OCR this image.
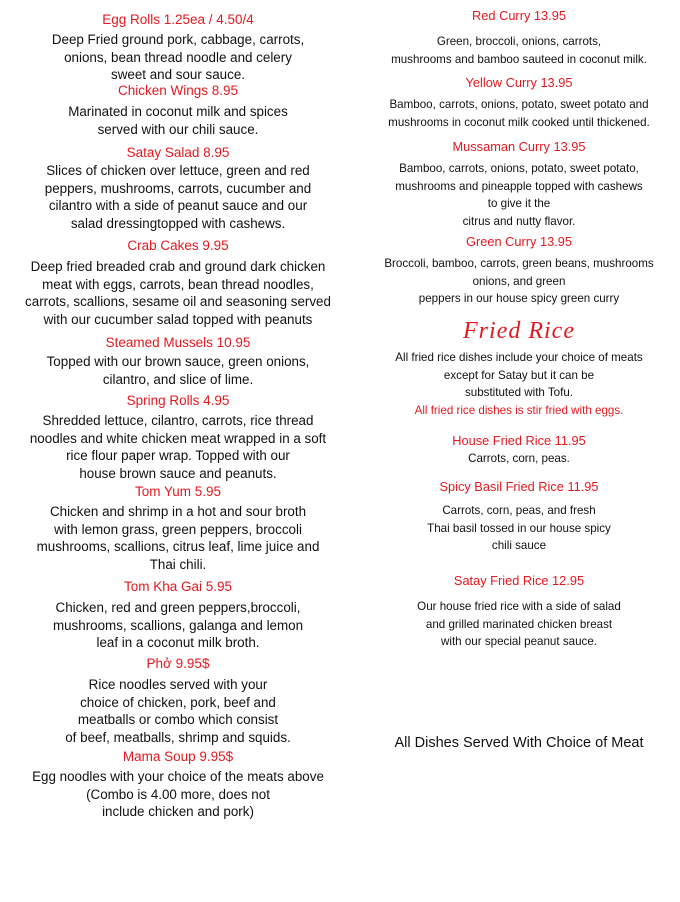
Egg Rolls 1.25ea / 4.50/4
Deep Fried ground pork, cabbage, carrots,
onions, bean thread noodle and celery
sweet and sour sauce.
Chicken Wings 8.95
Marinated in coconut milk and spices
served with our chili sauce.
Satay Salad 8.95
Slices of chicken over lettuce, green and red
peppers, mushrooms, carrots, cucumber and
cilantro with a side of peanut sauce and our
salad dressingtopped with cashews.
Crab Cakes 9.95
Deep fried breaded crab and ground dark chicken
meat with eggs, carrots, bean thread noodles,
carrots, scallions, sesame oil and seasoning served
with our cucumber salad topped with peanuts
Steamed Mussels 10.95
Topped with our brown sauce, green onions,
cilantro, and slice of lime.
Spring Rolls 4.95
Shredded lettuce, cilantro, carrots, rice thread
noodles and white chicken meat wrapped in a soft
rice flour paper wrap. Topped with our
house brown sauce and peanuts.
Tom Yum 5.95
Chicken and shrimp in a hot and sour broth
with lemon grass, green peppers, broccoli
mushrooms, scallions, citrus leaf, lime juice and
Thai chili.
Tom Kha Gai 5.95
Chicken, red and green peppers,broccoli,
mushrooms, scallions, galanga and lemon
leaf in a coconut milk broth.
Phở 9.95$
Rice noodles served with your
choice of chicken, pork, beef and
meatballs or combo which consist
of beef, meatballs, shrimp and squids.
Mama Soup 9.95$
Egg noodles with your choice of the meats above
(Combo is 4.00 more, does not
include chicken and pork)
Red Curry 13.95
Green, broccoli, onions, carrots,
mushrooms and bamboo sauteed in coconut milk.
Yellow Curry 13.95
Bamboo, carrots, onions, potato, sweet potato and
mushrooms in coconut milk cooked until thickened.
Mussaman Curry 13.95
Bamboo, carrots, onions, potato, sweet potato,
mushrooms and pineapple topped with cashews
to give it the
citrus and nutty flavor.
Green Curry 13.95
Broccoli, bamboo, carrots, green beans, mushrooms
onions, and green
peppers in our house spicy green curry
Fried Rice
All fried rice dishes include your choice of meats
except for Satay but it can be
substituted with Tofu.
All fried rice dishes is stir fried with eggs.
House Fried Rice 11.95
Carrots, corn, peas.
Spicy Basil Fried Rice 11.95
Carrots, corn, peas, and fresh
Thai basil tossed in our house spicy
chili sauce
Satay Fried Rice 12.95
Our house fried rice with a side of salad
and grilled marinated chicken breast
with our special peanut sauce.
All Dishes Served With Choice of Meat
